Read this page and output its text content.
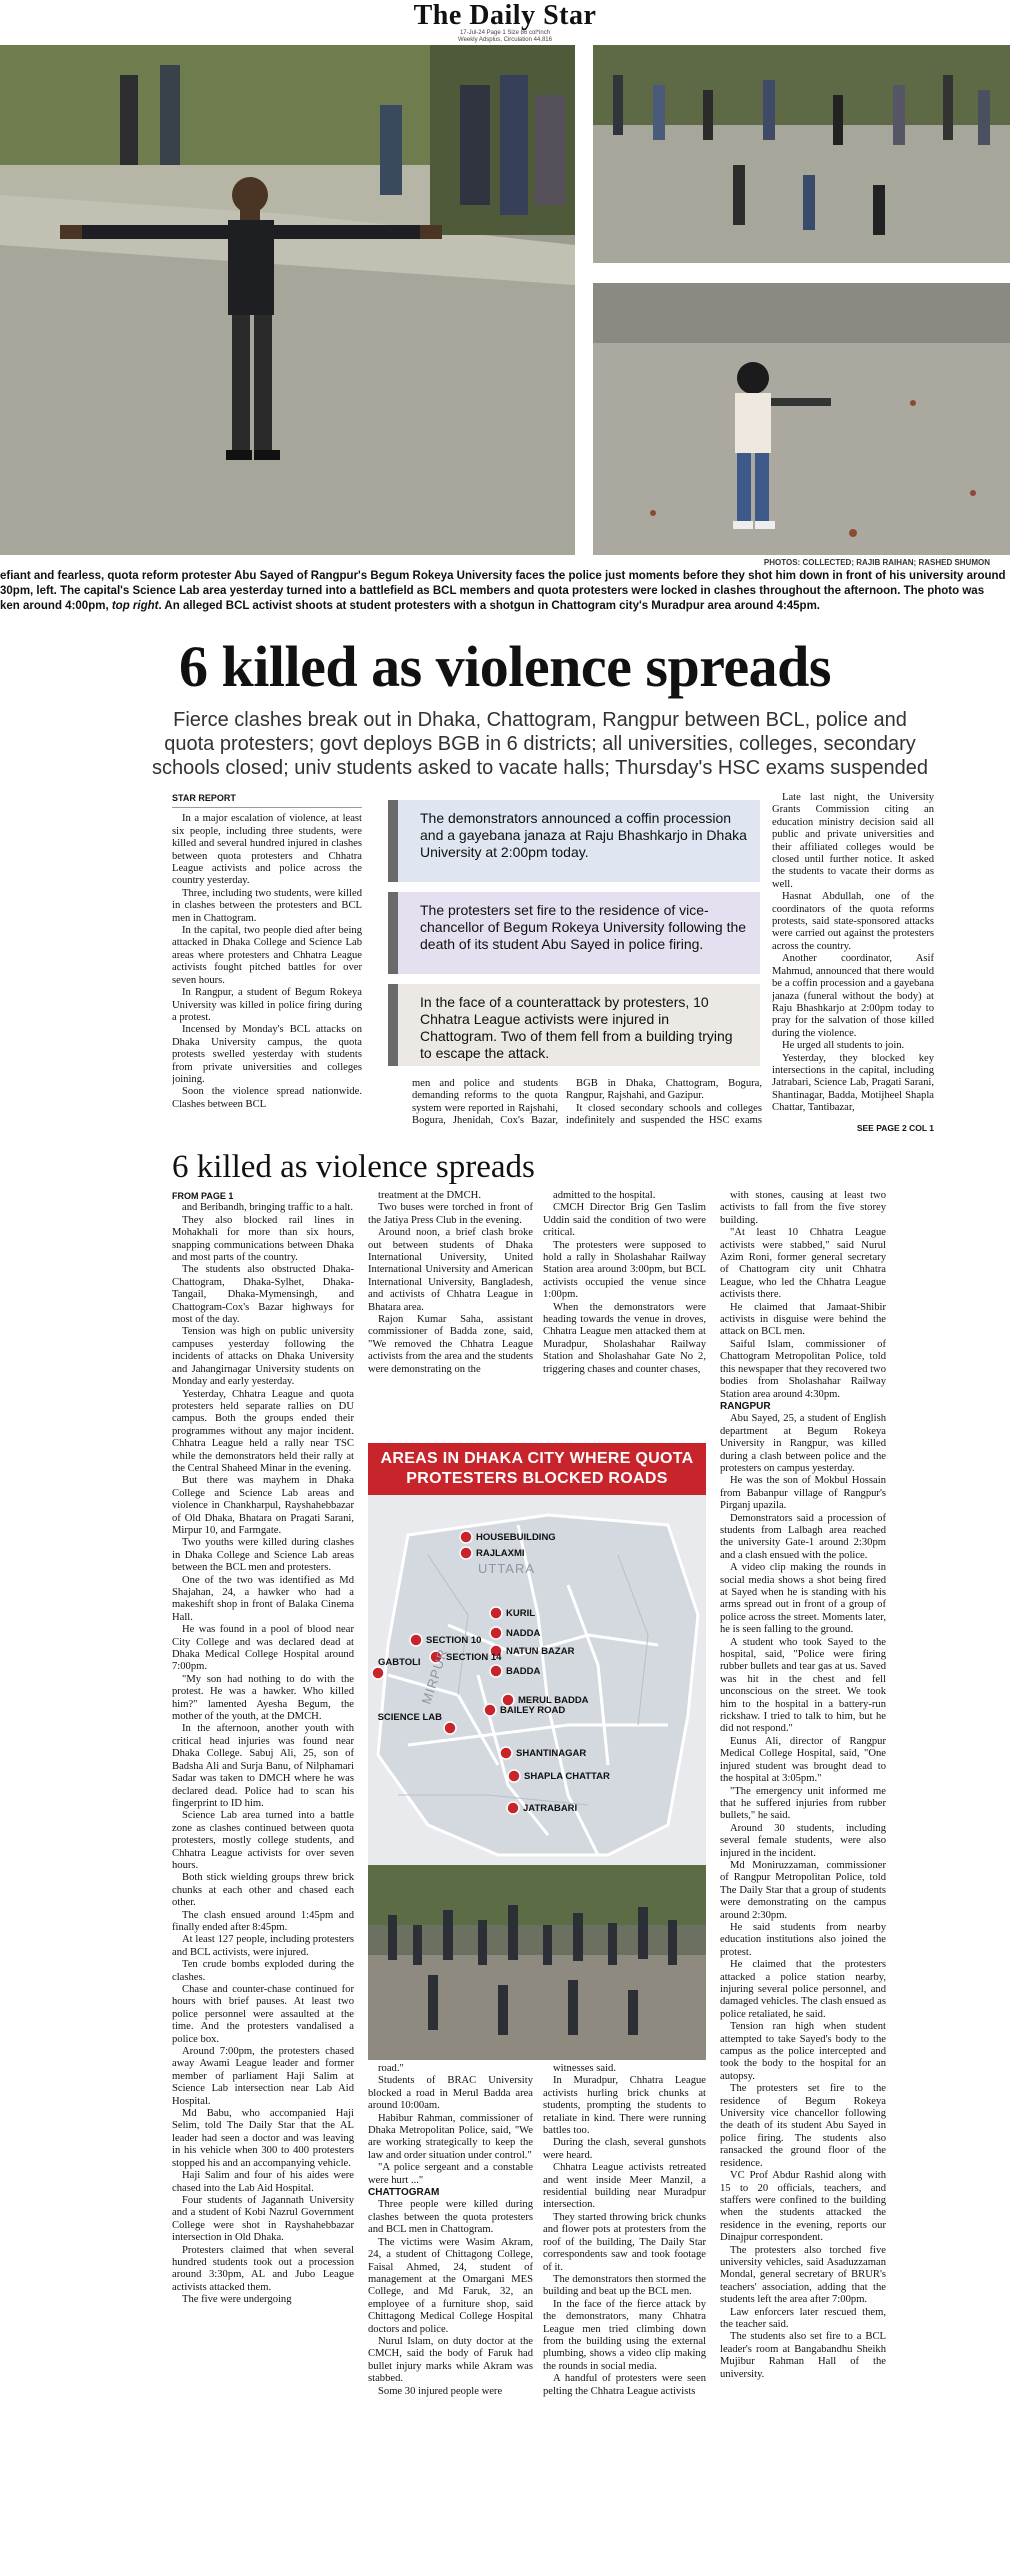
The Daily Star
17-Jul-24 Page 1 Size 86 col*inch
Weekly Adsplus, Circulation 44,816
PHOTOS: COLLECTED; RAJIB RAIHAN; RASHED SHUMON
efiant and fearless, quota reform protester Abu Sayed of Rangpur's Begum Rokeya University faces the police just moments before they shot him down in front of his university around
30pm, left. The capital's Science Lab area yesterday turned into a battlefield as BCL members and quota protesters were locked in clashes throughout the afternoon. The photo was
ken around 4:00pm, top right. An alleged BCL activist shoots at student protesters with a shotgun in Chattogram city's Muradpur area around 4:45pm.
6 killed as violence spreads
Fierce clashes break out in Dhaka, Chattogram, Rangpur between BCL, police and quota protesters; govt deploys BGB in 6 districts; all universities, colleges, secondary schools closed; univ students asked to vacate halls; Thursday's HSC exams suspended

STAR REPORT

In a major escalation of violence, at least six people, including three students, were killed and several hundred injured in clashes between quota protesters and Chhatra League activists and police across the country yesterday.

Three, including two students, were killed in clashes between the protesters and BCL men in Chattogram.

In the capital, two people died after being attacked in Dhaka College and Science Lab areas where protesters and Chhatra League activists fought pitched battles for over seven hours.

In Rangpur, a student of Begum Rokeya University was killed in police firing during a protest.

Incensed by Monday's BCL attacks on Dhaka University campus, the quota protests swelled yesterday with students from private universities and colleges joining.

Soon the violence spread nationwide. Clashes between BCL

The demonstrators announced a coffin procession and a gayebana janaza at Raju Bhashkarjo in Dhaka University at 2:00pm today.
The protesters set fire to the residence of vice-chancellor of Begum Rokeya University following the death of its student Abu Sayed in police firing.
In the face of a counterattack by protesters, 10 Chhatra League activists were injured in Chattogram. Two of them fell from a building trying to escape the attack.

men and police and students demanding reforms to the quota system were reported in Rajshahi, Bogura, Jhenidah, Cox's Bazar,

BGB in Dhaka, Chattogram, Bogura, Rangpur, Rajshahi, and Gazipur.

It closed secondary schools and colleges indefinitely and suspended the HSC exams

Late last night, the University Grants Commission citing an education ministry decision said all public and private universities and their affiliated colleges would be closed until further notice. It asked the students to vacate their dorms as well.

Hasnat Abdullah, one of the coordinators of the quota reforms protests, said state-sponsored attacks were carried out against the protesters across the country.

Another coordinator, Asif Mahmud, announced that there would be a coffin procession and a gayebana janaza (funeral without the body) at Raju Bhashkarjo at 2:00pm today to pray for the salvation of those killed during the violence.

He urged all students to join.

Yesterday, they blocked key intersections in the capital, including Jatrabari, Science Lab, Pragati Sarani, Shantinagar, Badda, Motijheel Shapla Chattar, Tantibazar,

SEE PAGE 2 COL 1
6 killed as violence spreads

FROM PAGE 1

and Beribandh, bringing traffic to a halt.

They also blocked rail lines in Mohakhali for more than six hours, snapping communications between Dhaka and most parts of the country.

The students also obstructed Dhaka-Chattogram, Dhaka-Sylhet, Dhaka-Tangail, Dhaka-Mymensingh, and Chattogram-Cox's Bazar highways for most of the day.

Tension was high on public university campuses yesterday following the incidents of attacks on Dhaka University and Jahangirnagar University students on Monday and early yesterday.

Yesterday, Chhatra League and quota protesters held separate rallies on DU campus. Both the groups ended their programmes without any major incident. Chhatra League held a rally near TSC while the demonstrators held their rally at the Central Shaheed Minar in the evening.

But there was mayhem in Dhaka College and Science Lab areas and violence in Chankharpul, Rayshahebbazar of Old Dhaka, Bhatara on Pragati Sarani, Mirpur 10, and Farmgate.

Two youths were killed during clashes in Dhaka College and Science Lab areas between the BCL men and protesters.

One of the two was identified as Md Shajahan, 24, a hawker who had a makeshift shop in front of Balaka Cinema Hall.

He was found in a pool of blood near City College and was declared dead at Dhaka Medical College Hospital around 7:00pm.

"My son had nothing to do with the protest. He was a hawker. Who killed him?" lamented Ayesha Begum, the mother of the youth, at the DMCH.

In the afternoon, another youth with critical head injuries was found near Dhaka College. Sabuj Ali, 25, son of Badsha Ali and Surja Banu, of Nilphamari Sadar was taken to DMCH where he was declared dead. Police had to scan his fingerprint to ID him.

Science Lab area turned into a battle zone as clashes continued between quota protesters, mostly college students, and Chhatra League activists for over seven hours.

Both stick wielding groups threw brick chunks at each other and chased each other.

The clash ensued around 1:45pm and finally ended after 8:45pm.

At least 127 people, including protesters and BCL activists, were injured.

Ten crude bombs exploded during the clashes.

Chase and counter-chase continued for hours with brief pauses. At least two police personnel were assaulted at the time. And the protesters vandalised a police box.

Around 7:00pm, the protesters chased away Awami League leader and former member of parliament Haji Salim at Science Lab intersection near Lab Aid Hospital.

Md Babu, who accompanied Haji Selim, told The Daily Star that the AL leader had seen a doctor and was leaving in his vehicle when 300 to 400 protesters stopped his and an accompanying vehicle.

Haji Salim and four of his aides were chased into the Lab Aid Hospital.

Four students of Jagannath University and a student of Kobi Nazrul Government College were shot in Rayshahebbazar intersection in Old Dhaka.

Protesters claimed that when several hundred students took out a procession around 3:30pm, AL and Jubo League activists attacked them.

The five were undergoing

treatment at the DMCH.

Two buses were torched in front of the Jatiya Press Club in the evening.

Around noon, a brief clash broke out between students of Dhaka International University, United International University and American International University, Bangladesh, and activists of Chhatra League in Bhatara area.

Rajon Kumar Saha, assistant commissioner of Badda zone, said, "We removed the Chhatra League activists from the area and the students were demonstrating on the

admitted to the hospital.

CMCH Director Brig Gen Taslim Uddin said the condition of two were critical.

The protesters were supposed to hold a rally in Sholashahar Railway Station area around 3:00pm, but BCL activists occupied the venue since 1:00pm.

When the demonstrators were heading towards the venue in droves, Chhatra League men attacked them at Muradpur, Sholashahar Railway Station and Sholashahar Gate No 2, triggering chases and counter chases,

AREAS IN DHAKA CITY WHERE QUOTA PROTESTERS BLOCKED ROADS
HOUSEBUILDING
RAJLAXMI
KURIL
NADDA
NATUN BAZAR
BADDA
MERUL BADDA
SECTION 10
SECTION 14
GABTOLI
SCIENCE LAB
BAILEY ROAD
SHANTINAGAR
SHAPLA CHATTAR
JATRABARI
UTTARA
MIRPUR

road."

Students of BRAC University blocked a road in Merul Badda area around 10:00am.

Habibur Rahman, commissioner of Dhaka Metropolitan Police, said, "We are working strategically to keep the law and order situation under control."

"A police sergeant and a constable were hurt ..."

CHATTOGRAM

Three people were killed during clashes between the quota protesters and BCL men in Chattogram.

The victims were Wasim Akram, 24, a student of Chittagong College, Faisal Ahmed, 24, student of management at the Omargani MES College, and Md Faruk, 32, an employee of a furniture shop, said Chittagong Medical College Hospital doctors and police.

Nurul Islam, on duty doctor at the CMCH, said the body of Faruk had bullet injury marks while Akram was stabbed.

Some 30 injured people were

witnesses said.

In Muradpur, Chhatra League activists hurling brick chunks at students, prompting the students to retaliate in kind. There were running battles too.

During the clash, several gunshots were heard.

Chhatra League activists retreated and went inside Meer Manzil, a residential building near Muradpur intersection.

They started throwing brick chunks and flower pots at protesters from the roof of the building, The Daily Star correspondents saw and took footage of it.

The demonstrators then stormed the building and beat up the BCL men.

In the face of the fierce attack by the demonstrators, many Chhatra League men tried climbing down from the building using the external plumbing, shows a video clip making the rounds in social media.

A handful of protesters were seen pelting the Chhatra League activists

with stones, causing at least two activists to fall from the five storey building.

"At least 10 Chhatra League activists were stabbed," said Nurul Azim Roni, former general secretary of Chattogram city unit Chhatra League, who led the Chhatra League activists there.

He claimed that Jamaat-Shibir activists in disguise were behind the attack on BCL men.

Saiful Islam, commissioner of Chattogram Metropolitan Police, told this newspaper that they recovered two bodies from Sholashahar Railway Station area around 4:30pm.

RANGPUR

Abu Sayed, 25, a student of English department at Begum Rokeya University in Rangpur, was killed during a clash between police and the protesters on campus yesterday.

He was the son of Mokbul Hossain from Babanpur village of Rangpur's Pirganj upazila.

Demonstrators said a procession of students from Lalbagh area reached the university Gate-1 around 2:30pm and a clash ensued with the police.

A video clip making the rounds in social media shows a shot being fired at Sayed when he is standing with his arms spread out in front of a group of police across the street. Moments later, he is seen falling to the ground.

A student who took Sayed to the hospital, said, "Police were firing rubber bullets and tear gas at us. Saved was hit in the chest and fell unconscious on the street. We took him to the hospital in a battery-run rickshaw. I tried to talk to him, but he did not respond."

Eunus Ali, director of Rangpur Medical College Hospital, said, "One injured student was brought dead to the hospital at 3:05pm."

"The emergency unit informed me that he suffered injuries from rubber bullets," he said.

Around 30 students, including several female students, were also injured in the incident.

Md Moniruzzaman, commissioner of Rangpur Metropolitan Police, told The Daily Star that a group of students were demonstrating on the campus around 2:30pm.

He said students from nearby education institutions also joined the protest.

He claimed that the protesters attacked a police station nearby, injuring several police personnel, and damaged vehicles. The clash ensued as police retaliated, he said.

Tension ran high when student attempted to take Sayed's body to the campus as the police intercepted and took the body to the hospital for an autopsy.

The protesters set fire to the residence of Begum Rokeya University vice chancellor following the death of its student Abu Sayed in police firing. The students also ransacked the ground floor of the residence.

VC Prof Abdur Rashid along with 15 to 20 officials, teachers, and staffers were confined to the building when the students attacked the residence in the evening, reports our Dinajpur correspondent.

The protesters also torched five university vehicles, said Asaduzzaman Mondal, general secretary of BRUR's teachers' association, adding that the students left the area after 7:00pm.

Law enforcers later rescued them, the teacher said.

The students also set fire to a BCL leader's room at Bangabandhu Sheikh Mujibur Rahman Hall of the university.
